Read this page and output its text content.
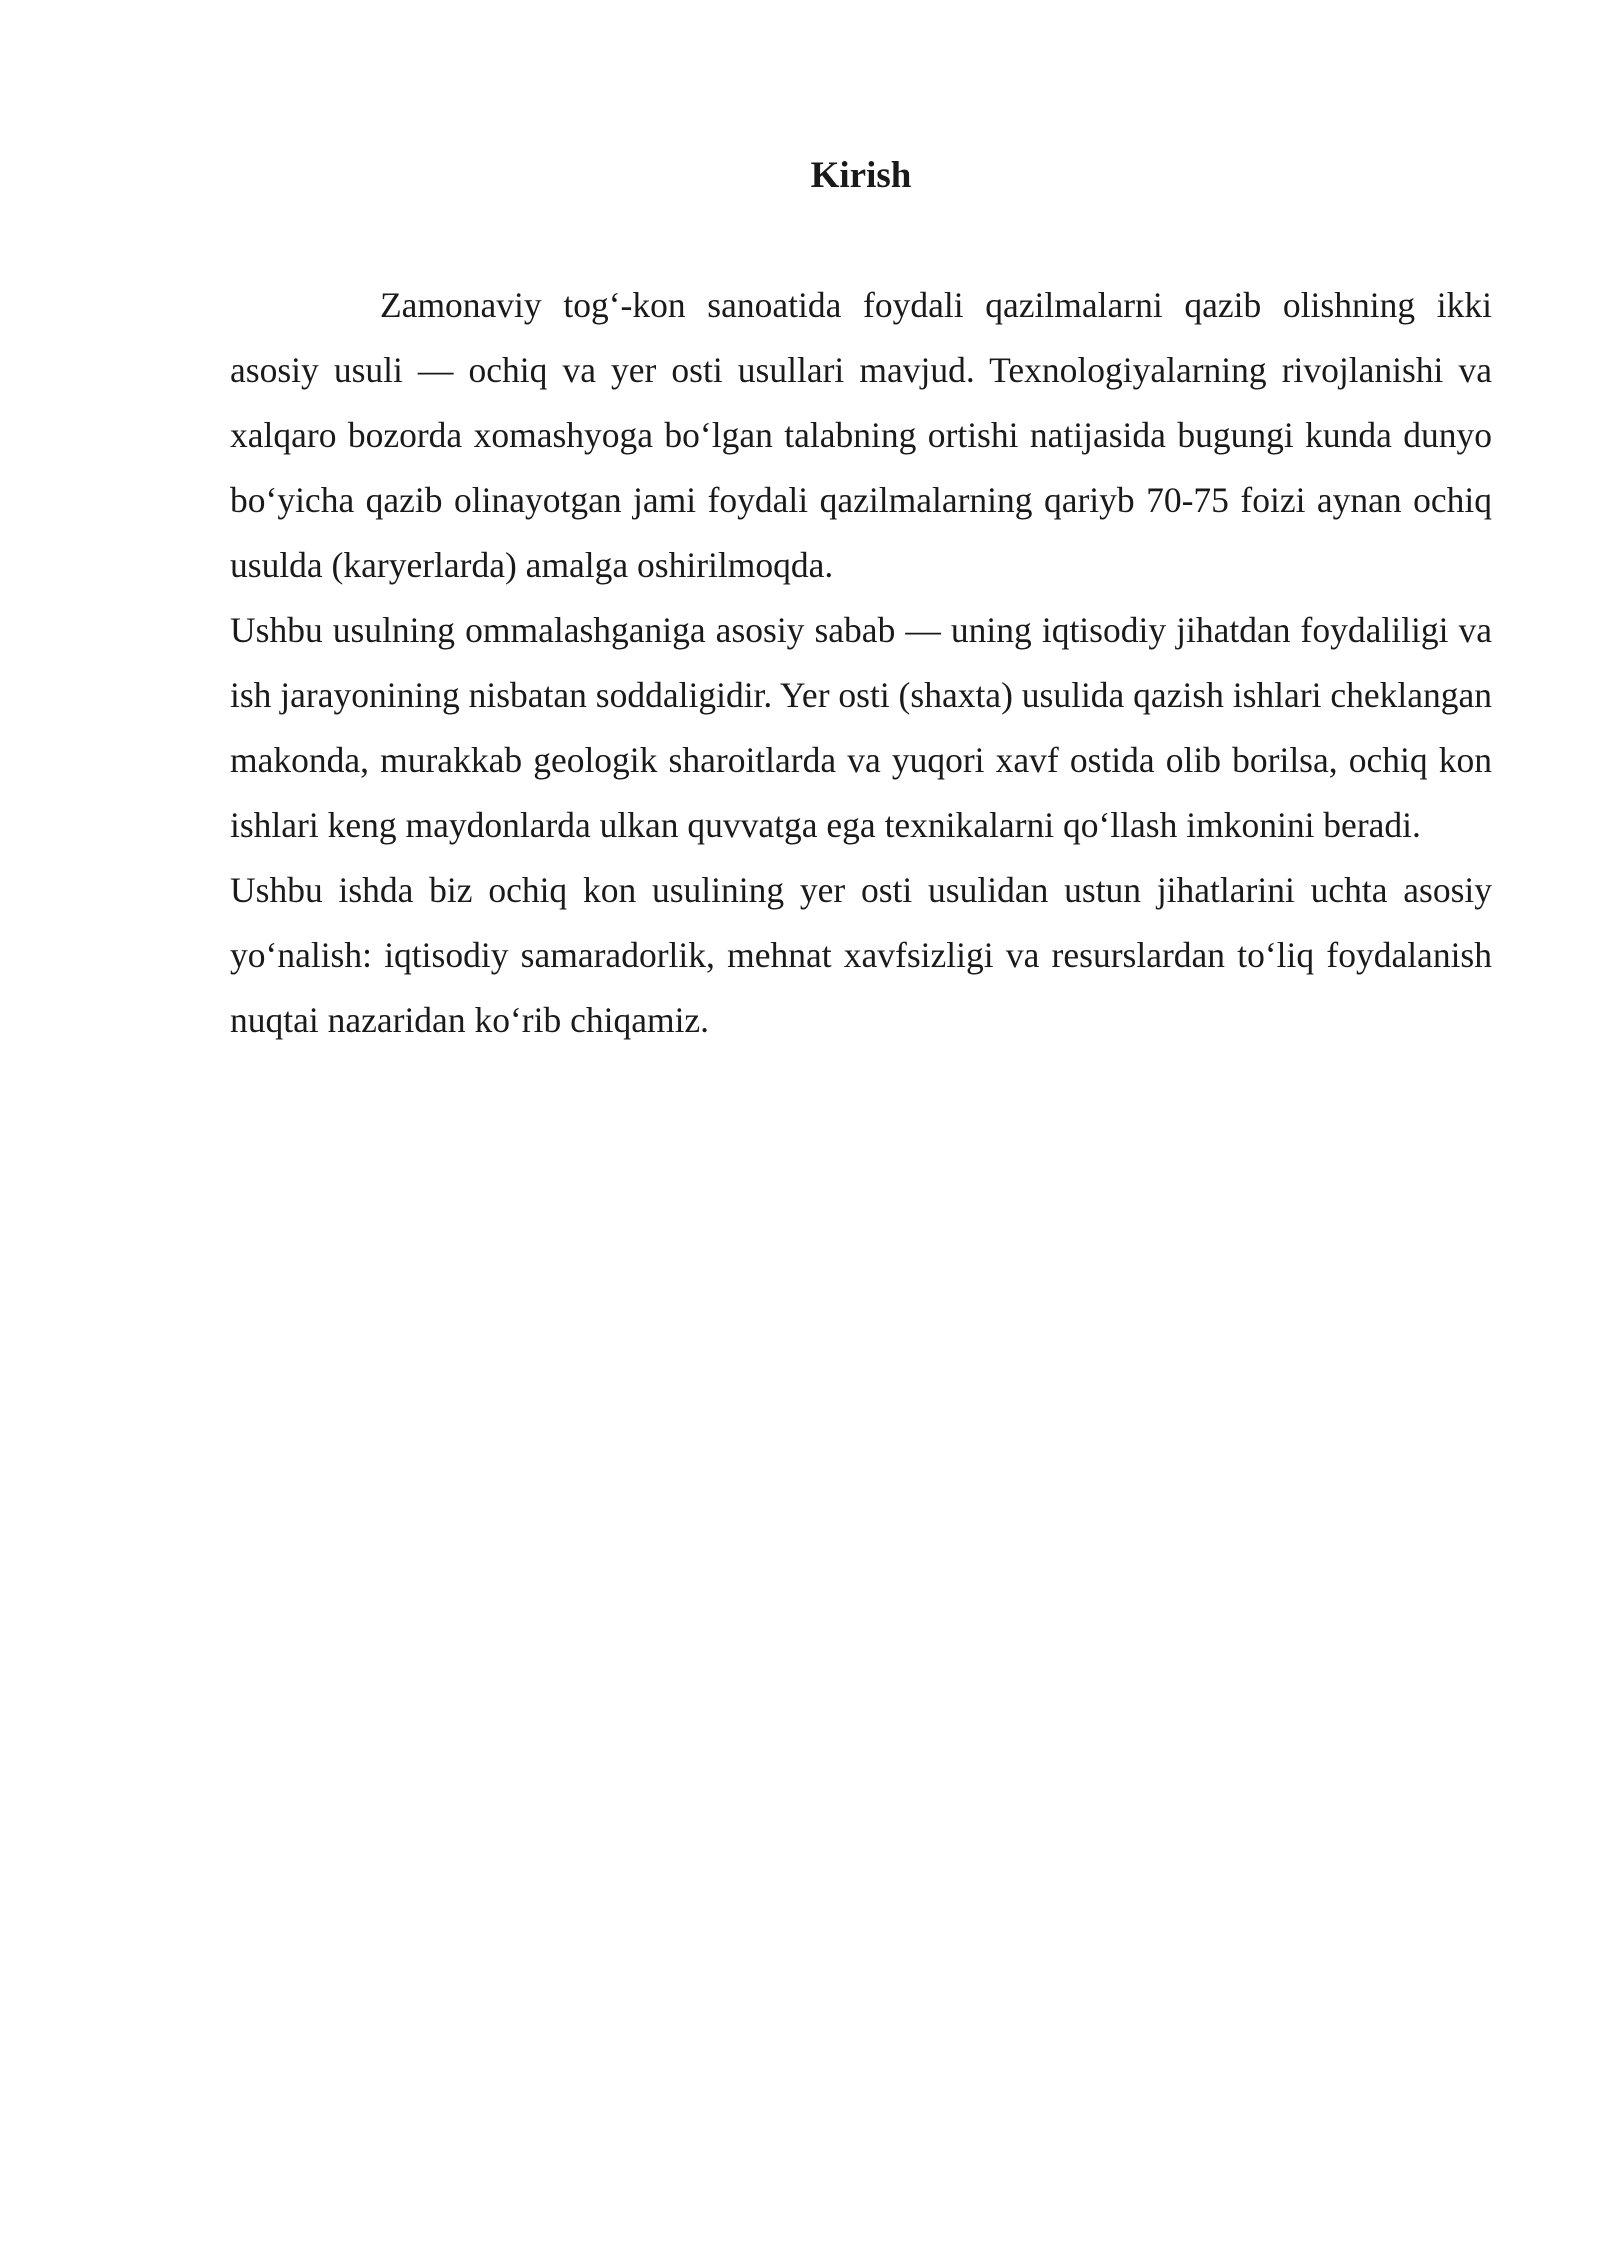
Kirish

Zamonaviy tog‘-kon sanoatida foydali qazilmalarni qazib olishning ikki asosiy usuli — ochiq va yer osti usullari mavjud. Texnologiyalarning rivojlanishi va xalqaro bozorda xomashyoga bo‘lgan talabning ortishi natijasida bugungi kunda dunyo bo‘yicha qazib olinayotgan jami foydali qazilmalarning qariyb 70-75 foizi aynan ochiq usulda (karyerlarda) amalga oshirilmoqda.

Ushbu usulning ommalashganiga asosiy sabab — uning iqtisodiy jihatdan foydaliligi va ish jarayonining nisbatan soddaligidir. Yer osti (shaxta) usulida qazish ishlari cheklangan makonda, murakkab geologik sharoitlarda va yuqori xavf ostida olib borilsa, ochiq kon ishlari keng maydonlarda ulkan quvvatga ega texnikalarni qo‘llash imkonini beradi.

Ushbu ishda biz ochiq kon usulining yer osti usulidan ustun jihatlarini uchta asosiy yo‘nalish: iqtisodiy samaradorlik, mehnat xavfsizligi va resurslardan to‘liq foydalanish nuqtai nazaridan ko‘rib chiqamiz.
